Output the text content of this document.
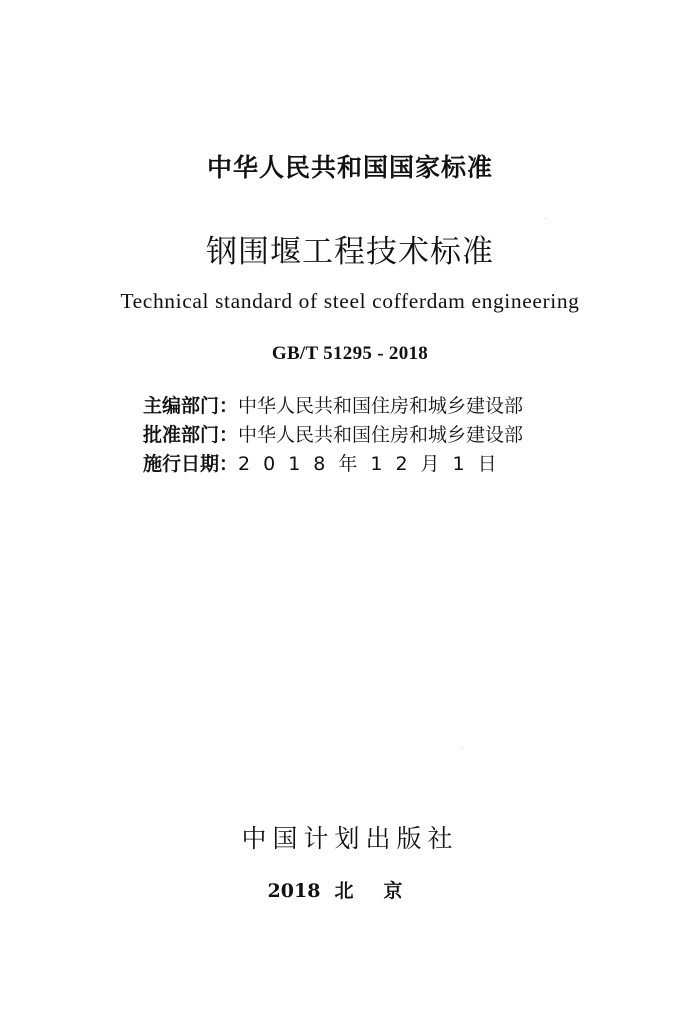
中华人民共和国国家标准
钢围堰工程技术标准
Technical standard of steel cofferdam engineering
GB/T 51295 - 2018
主编部门：中华人民共和国住房和城乡建设部
批准部门：中华人民共和国住房和城乡建设部
施行日期：2018年12月1日
中国计划出版社
2018 北京
